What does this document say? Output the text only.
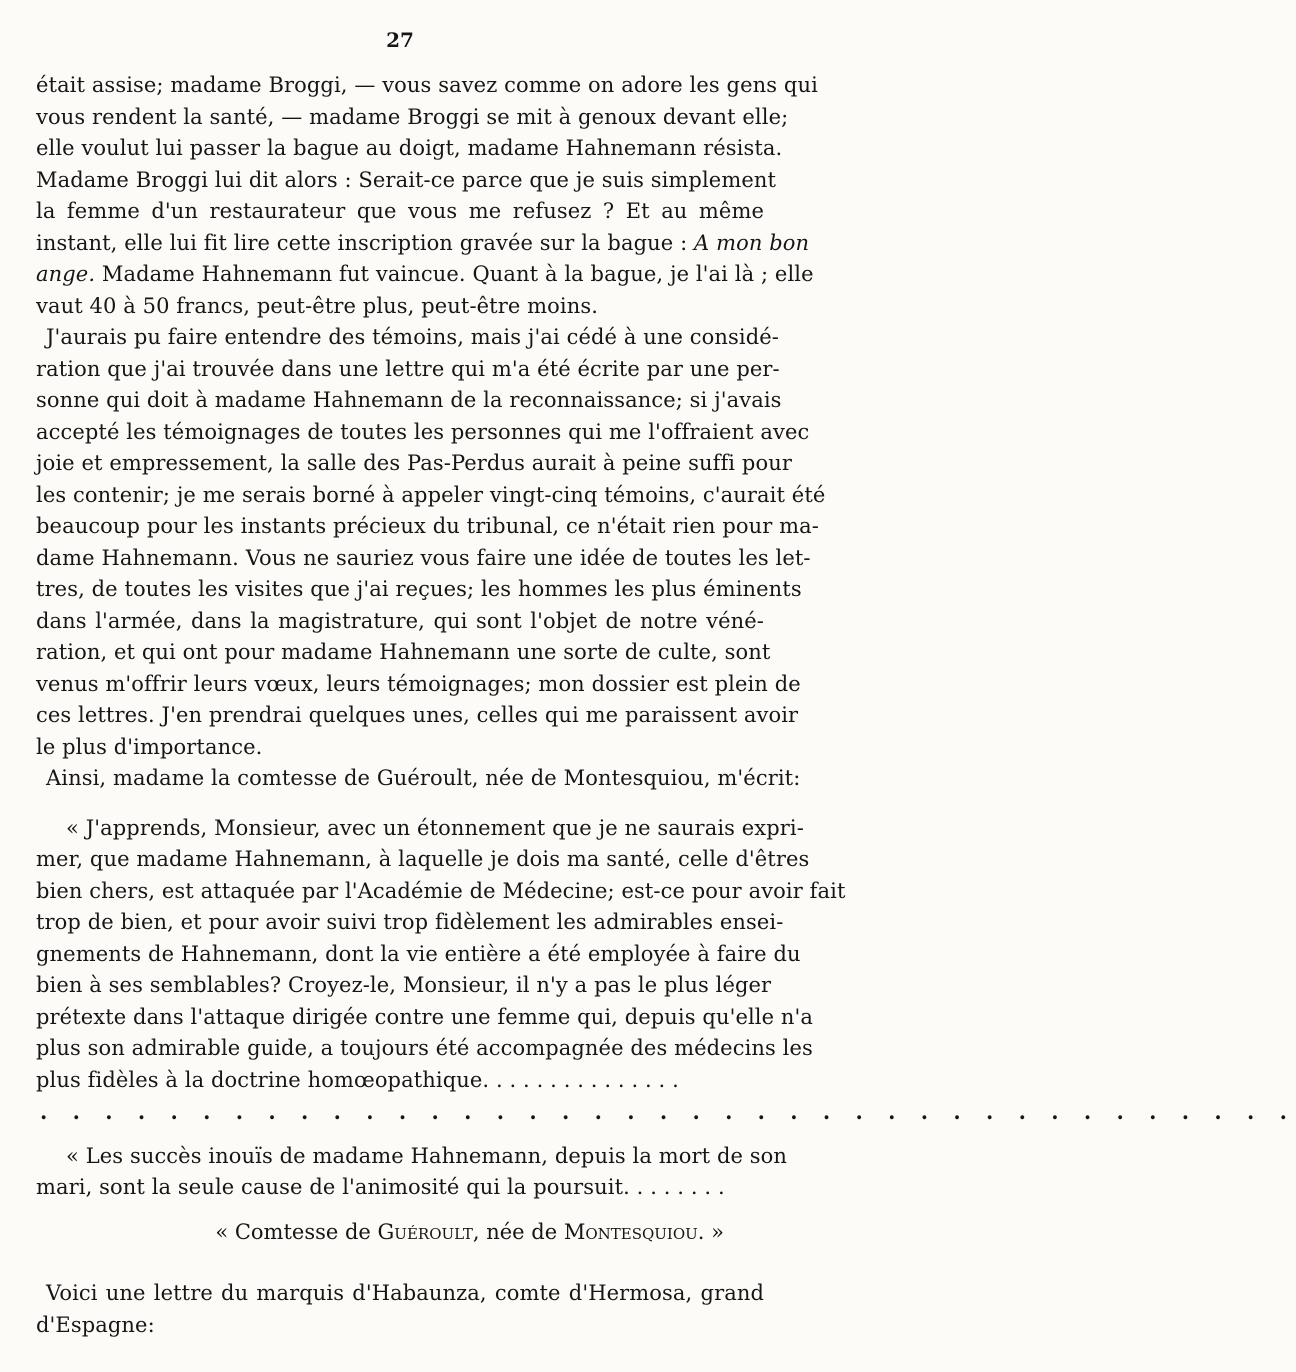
27
était assise; madame Broggi, — vous savez comme on adore les gens qui
vous rendent la santé, — madame Broggi se mit à genoux devant elle;
elle voulut lui passer la bague au doigt, madame Hahnemann résista.
Madame Broggi lui dit alors : Serait-ce parce que je suis simplement
la femme d'un restaurateur que vous me refusez ? Et au même
instant, elle lui fit lire cette inscription gravée sur la bague : A mon bon
ange. Madame Hahnemann fut vaincue. Quant à la bague, je l'ai là ; elle
vaut 40 à 50 francs, peut-être plus, peut-être moins.
J'aurais pu faire entendre des témoins, mais j'ai cédé à une considé-
ration que j'ai trouvée dans une lettre qui m'a été écrite par une per-
sonne qui doit à madame Hahnemann de la reconnaissance; si j'avais
accepté les témoignages de toutes les personnes qui me l'offraient avec
joie et empressement, la salle des Pas-Perdus aurait à peine suffi pour
les contenir; je me serais borné à appeler vingt-cinq témoins, c'aurait été
beaucoup pour les instants précieux du tribunal, ce n'était rien pour ma-
dame Hahnemann. Vous ne sauriez vous faire une idée de toutes les let-
tres, de toutes les visites que j'ai reçues; les hommes les plus éminents
dans l'armée, dans la magistrature, qui sont l'objet de notre véné-
ration, et qui ont pour madame Hahnemann une sorte de culte, sont
venus m'offrir leurs vœux, leurs témoignages; mon dossier est plein de
ces lettres. J'en prendrai quelques unes, celles qui me paraissent avoir
le plus d'importance.
Ainsi, madame la comtesse de Guéroult, née de Montesquiou, m'écrit:
« J'apprends, Monsieur, avec un étonnement que je ne saurais expri-
mer, que madame Hahnemann, à laquelle je dois ma santé, celle d'êtres
bien chers, est attaquée par l'Académie de Médecine; est-ce pour avoir fait
trop de bien, et pour avoir suivi trop fidèlement les admirables ensei-
gnements de Hahnemann, dont la vie entière a été employée à faire du
bien à ses semblables? Croyez-le, Monsieur, il n'y a pas le plus léger
prétexte dans l'attaque dirigée contre une femme qui, depuis qu'elle n'a
plus son admirable guide, a toujours été accompagnée des médecins les
plus fidèles à la doctrine homœopathique. . . . . . . . . . . . . . .
. . . . . . . . . . . . . . . . . . . . . . . . . . . . . . . . . . . . . . .
« Les succès inouïs de madame Hahnemann, depuis la mort de son
mari, sont la seule cause de l'animosité qui la poursuit. . . . . . . .
« Comtesse de Guéroult, née de Montesquiou. »
Voici une lettre du marquis d'Habaunza, comte d'Hermosa, grand
d'Espagne:
